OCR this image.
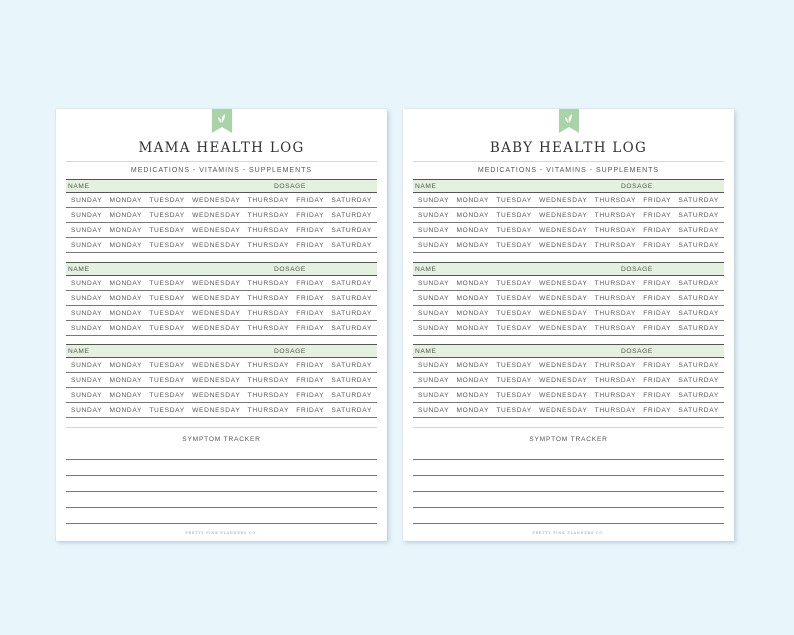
MAMA HEALTH LOG
MEDICATIONS - VITAMINS - SUPPLEMENTS
NAME	DOSAGE
SUNDAY MONDAY TUESDAY WEDNESDAY THURSDAY FRIDAY SATURDAY
SUNDAY MONDAY TUESDAY WEDNESDAY THURSDAY FRIDAY SATURDAY
SUNDAY MONDAY TUESDAY WEDNESDAY THURSDAY FRIDAY SATURDAY
SUNDAY MONDAY TUESDAY WEDNESDAY THURSDAY FRIDAY SATURDAY
NAME	DOSAGE
SUNDAY MONDAY TUESDAY WEDNESDAY THURSDAY FRIDAY SATURDAY
SUNDAY MONDAY TUESDAY WEDNESDAY THURSDAY FRIDAY SATURDAY
SUNDAY MONDAY TUESDAY WEDNESDAY THURSDAY FRIDAY SATURDAY
SUNDAY MONDAY TUESDAY WEDNESDAY THURSDAY FRIDAY SATURDAY
NAME	DOSAGE
SUNDAY MONDAY TUESDAY WEDNESDAY THURSDAY FRIDAY SATURDAY
SUNDAY MONDAY TUESDAY WEDNESDAY THURSDAY FRIDAY SATURDAY
SUNDAY MONDAY TUESDAY WEDNESDAY THURSDAY FRIDAY SATURDAY
SUNDAY MONDAY TUESDAY WEDNESDAY THURSDAY FRIDAY SATURDAY
SYMPTOM TRACKER
PRETTY PINK PLANNERS CO.
BABY HEALTH LOG
MEDICATIONS - VITAMINS - SUPPLEMENTS
NAME	DOSAGE
SUNDAY MONDAY TUESDAY WEDNESDAY THURSDAY FRIDAY SATURDAY
SUNDAY MONDAY TUESDAY WEDNESDAY THURSDAY FRIDAY SATURDAY
SUNDAY MONDAY TUESDAY WEDNESDAY THURSDAY FRIDAY SATURDAY
SUNDAY MONDAY TUESDAY WEDNESDAY THURSDAY FRIDAY SATURDAY
NAME	DOSAGE
SUNDAY MONDAY TUESDAY WEDNESDAY THURSDAY FRIDAY SATURDAY
SUNDAY MONDAY TUESDAY WEDNESDAY THURSDAY FRIDAY SATURDAY
SUNDAY MONDAY TUESDAY WEDNESDAY THURSDAY FRIDAY SATURDAY
SUNDAY MONDAY TUESDAY WEDNESDAY THURSDAY FRIDAY SATURDAY
NAME	DOSAGE
SUNDAY MONDAY TUESDAY WEDNESDAY THURSDAY FRIDAY SATURDAY
SUNDAY MONDAY TUESDAY WEDNESDAY THURSDAY FRIDAY SATURDAY
SUNDAY MONDAY TUESDAY WEDNESDAY THURSDAY FRIDAY SATURDAY
SUNDAY MONDAY TUESDAY WEDNESDAY THURSDAY FRIDAY SATURDAY
SYMPTOM TRACKER
PRETTY PINK PLANNERS CO.
